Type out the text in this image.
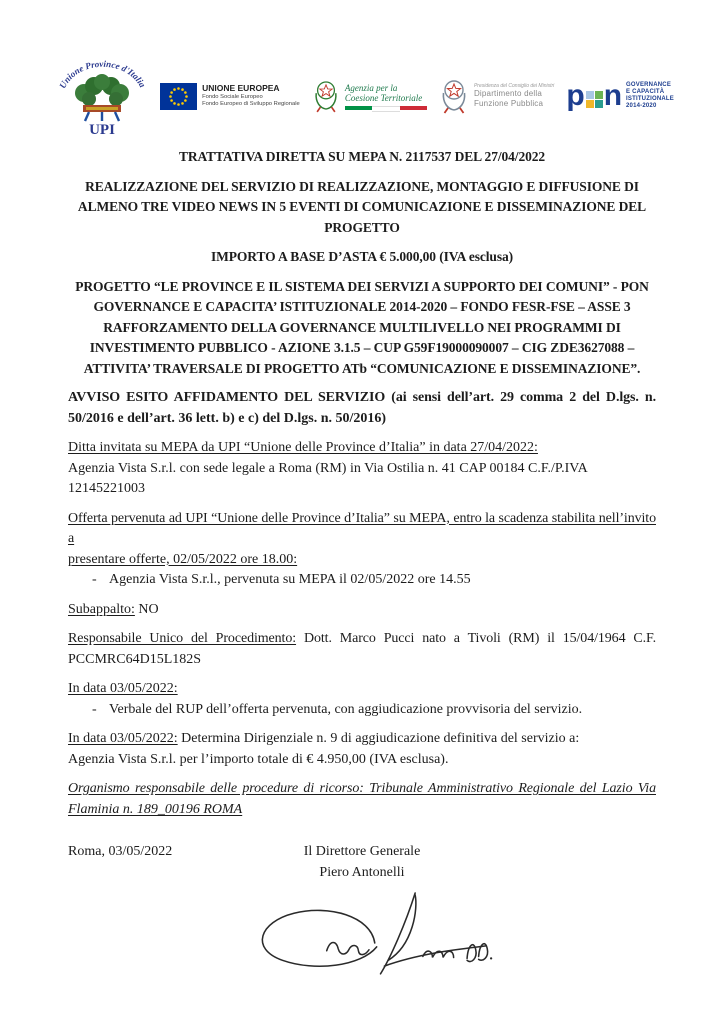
Unione Province d'Italia
UPI
UNIONE EUROPEA
Fondo Sociale Europeo
Fondo Europeo di Sviluppo Regionale
Agenzia per la
Coesione Territoriale
Presidenza del Consiglio dei Ministri
Dipartimento della
Funzione Pubblica p n GOVERNANCE
E CAPACITÀ
ISTITUZIONALE
2014-2020
TRATTATIVA DIRETTA SU MEPA N. 2117537 DEL 27/04/2022
REALIZZAZIONE DEL SERVIZIO DI REALIZZAZIONE, MONTAGGIO E DIFFUSIONE DI
ALMENO TRE VIDEO NEWS IN 5 EVENTI DI COMUNICAZIONE E DISSEMINAZIONE DEL
PROGETTO
IMPORTO A BASE D’ASTA € 5.000,00 (IVA esclusa)
PROGETTO “LE PROVINCE E IL SISTEMA DEI SERVIZI A SUPPORTO DEI COMUNI” - PON
GOVERNANCE E CAPACITA’ ISTITUZIONALE 2014-2020 – FONDO FESR-FSE – ASSE 3
RAFFORZAMENTO DELLA GOVERNANCE MULTILIVELLO NEI PROGRAMMI DI
INVESTIMENTO PUBBLICO - AZIONE 3.1.5 – CUP G59F19000090007 – CIG ZDE3627088 –
ATTIVITA’ TRAVERSALE DI PROGETTO ATb “COMUNICAZIONE E DISSEMINAZIONE”.
AVVISO ESITO AFFIDAMENTO DEL SERVIZIO (ai sensi dell’art. 29 comma 2 del D.lgs. n.
50/2016 e dell’art. 36 lett. b) e c) del D.lgs. n. 50/2016)
Ditta invitata su MEPA da UPI “Unione delle Province d’Italia” in data 27/04/2022:
Agenzia Vista S.r.l. con sede legale a Roma (RM) in Via Ostilia n. 41 CAP 00184 C.F./P.IVA 12145221003
Offerta pervenuta ad UPI “Unione delle Province d’Italia” su MEPA, entro la scadenza stabilita nell’invito a
presentare offerte, 02/05/2022 ore 18.00:
- Agenzia Vista S.r.l., pervenuta su MEPA il 02/05/2022 ore 14.55
Subappalto: NO
Responsabile Unico del Procedimento: Dott. Marco Pucci nato a Tivoli (RM) il 15/04/1964 C.F.
PCCMRC64D15L182S
In data 03/05/2022:
- Verbale del RUP dell’offerta pervenuta, con aggiudicazione provvisoria del servizio.
In data 03/05/2022: Determina Dirigenziale n. 9 di aggiudicazione definitiva del servizio a:
Agenzia Vista S.r.l. per l’importo totale di € 4.950,00 (IVA esclusa).
Organismo responsabile delle procedure di ricorso: Tribunale Amministrativo Regionale del Lazio Via
Flaminia n. 189_00196 ROMA
Roma, 03/05/2022	Il Direttore Generale
Piero Antonelli
